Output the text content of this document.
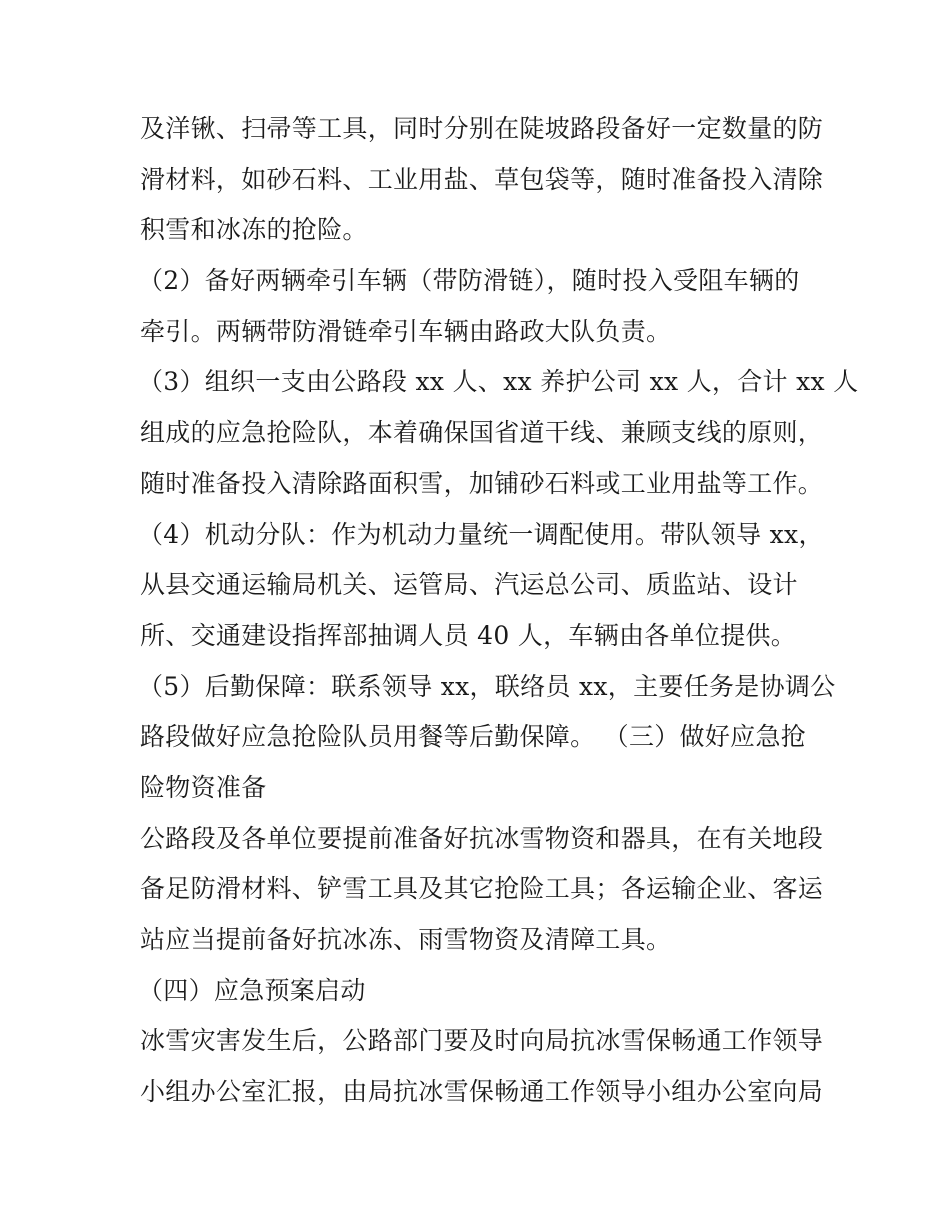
及洋锹、扫帚等工具，同时分别在陡坡路段备好一定数量的防
滑材料，如砂石料、工业用盐、草包袋等，随时准备投入清除
积雪和冰冻的抢险。
（2）备好两辆牵引车辆（带防滑链），随时投入受阻车辆的
牵引。两辆带防滑链牵引车辆由路政大队负责。
（3）组织一支由公路段 xx 人、xx 养护公司 xx 人，合计 xx 人
组成的应急抢险队，本着确保国省道干线、兼顾支线的原则，
随时准备投入清除路面积雪，加铺砂石料或工业用盐等工作。
（4）机动分队：作为机动力量统一调配使用。带队领导 xx，
从县交通运输局机关、运管局、汽运总公司、质监站、设计
所、交通建设指挥部抽调人员 40 人，车辆由各单位提供。
（5）后勤保障：联系领导 xx，联络员 xx，主要任务是协调公
路段做好应急抢险队员用餐等后勤保障。 （三）做好应急抢
险物资准备
公路段及各单位要提前准备好抗冰雪物资和器具，在有关地段
备足防滑材料、铲雪工具及其它抢险工具；各运输企业、客运
站应当提前备好抗冰冻、雨雪物资及清障工具。
（四）应急预案启动
冰雪灾害发生后，公路部门要及时向局抗冰雪保畅通工作领导
小组办公室汇报，由局抗冰雪保畅通工作领导小组办公室向局
